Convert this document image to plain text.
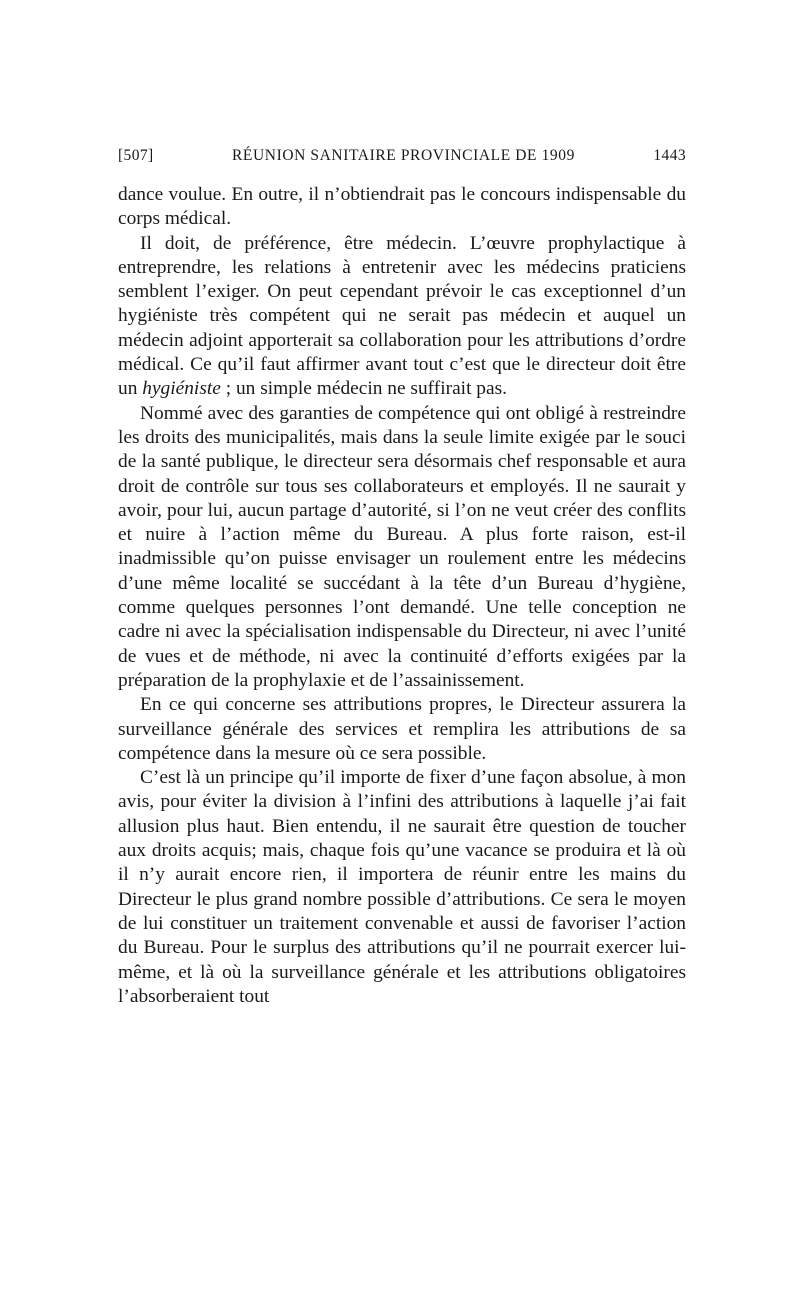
[507]	RÉUNION SANITAIRE PROVINCIALE DE 1909	1443

dance voulue. En outre, il n’obtiendrait pas le concours indispensable du corps médical.

Il doit, de préférence, être médecin. L’œuvre prophylactique à entreprendre, les relations à entretenir avec les médecins praticiens semblent l’exiger. On peut cependant prévoir le cas exceptionnel d’un hygiéniste très compétent qui ne serait pas médecin et auquel un médecin adjoint apporterait sa collaboration pour les attributions d’ordre médical. Ce qu’il faut affirmer avant tout c’est que le directeur doit être un hygiéniste ; un simple médecin ne suffirait pas.

Nommé avec des garanties de compétence qui ont obligé à restreindre les droits des municipalités, mais dans la seule limite exigée par le souci de la santé publique, le directeur sera désormais chef responsable et aura droit de contrôle sur tous ses collaborateurs et employés. Il ne saurait y avoir, pour lui, aucun partage d’autorité, si l’on ne veut créer des conflits et nuire à l’action même du Bureau. A plus forte raison, est-il inadmissible qu’on puisse envisager un roulement entre les médecins d’une même localité se succédant à la tête d’un Bureau d’hygiène, comme quelques personnes l’ont demandé. Une telle conception ne cadre ni avec la spécialisation indispensable du Directeur, ni avec l’unité de vues et de méthode, ni avec la continuité d’efforts exigées par la préparation de la prophylaxie et de l’assainissement.

En ce qui concerne ses attributions propres, le Directeur assurera la surveillance générale des services et remplira les attributions de sa compétence dans la mesure où ce sera possible.

C’est là un principe qu’il importe de fixer d’une façon absolue, à mon avis, pour éviter la division à l’infini des attributions à laquelle j’ai fait allusion plus haut. Bien entendu, il ne saurait être question de toucher aux droits acquis; mais, chaque fois qu’une vacance se produira et là où il n’y aurait encore rien, il importera de réunir entre les mains du Directeur le plus grand nombre possible d’attributions. Ce sera le moyen de lui constituer un traitement convenable et aussi de favoriser l’action du Bureau. Pour le surplus des attributions qu’il ne pourrait exercer lui-même, et là où la surveillance générale et les attributions obligatoires l’absorberaient tout
